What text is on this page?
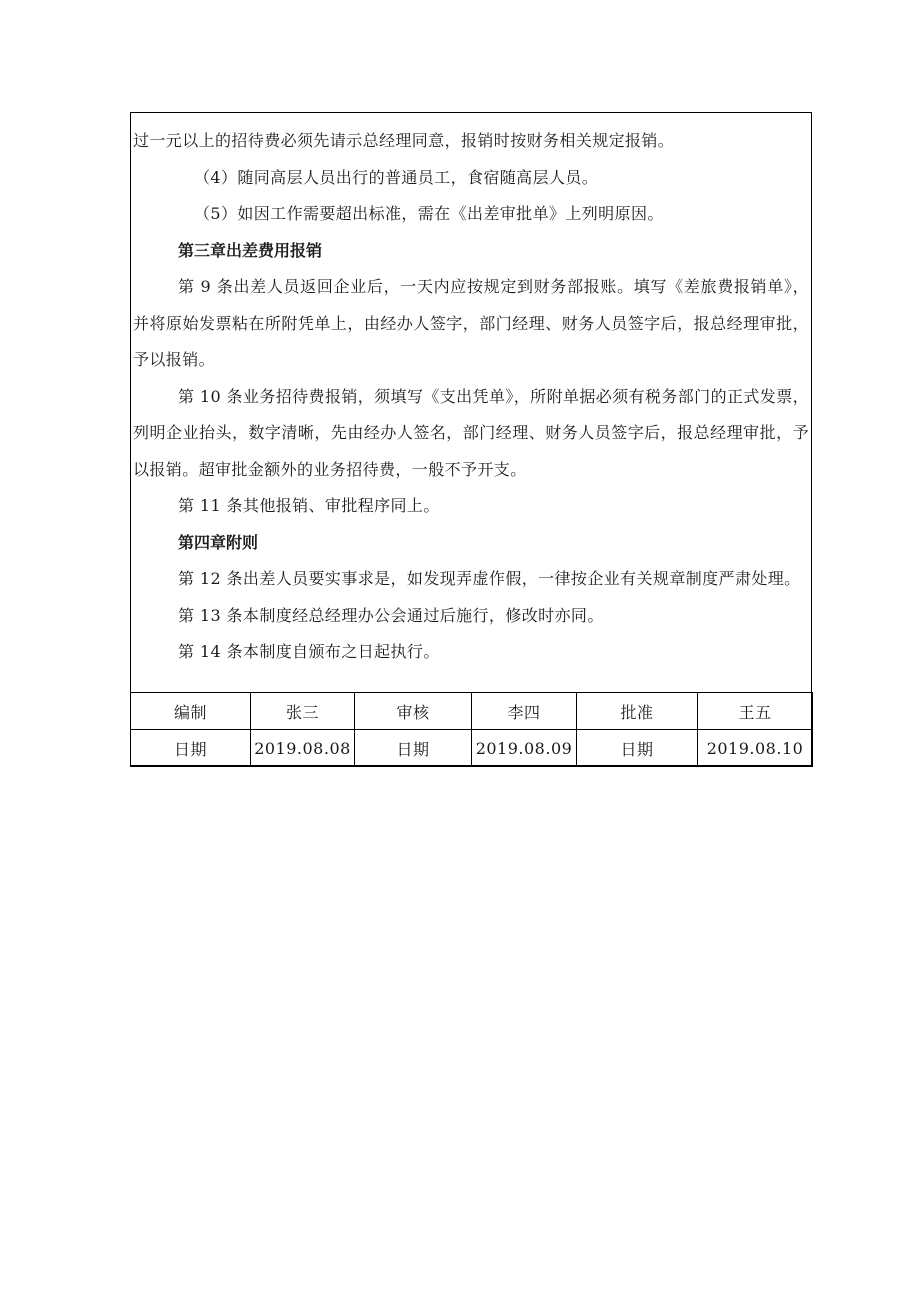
过一元以上的招待费必须先请示总经理同意，报销时按财务相关规定报销。

（4）随同高层人员出行的普通员工，食宿随高层人员。

（5）如因工作需要超出标准，需在《出差审批单》上列明原因。

第三章出差费用报销

第 9 条出差人员返回企业后，一天内应按规定到财务部报账。填写《差旅费报销单》，并将原始发票粘在所附凭单上，由经办人签字，部门经理、财务人员签字后，报总经理审批，予以报销。

第 10 条业务招待费报销，须填写《支出凭单》，所附单据必须有税务部门的正式发票，列明企业抬头，数字清晰，先由经办人签名，部门经理、财务人员签字后，报总经理审批，予以报销。超审批金额外的业务招待费，一般不予开支。

第 11 条其他报销、审批程序同上。

第四章附则

第 12 条出差人员要实事求是，如发现弄虚作假，一律按企业有关规章制度严肃处理。

第 13 条本制度经总经理办公会通过后施行，修改时亦同。

第 14 条本制度自颁布之日起执行。

编制	张三	审核	李四	批准	王五
日期	2019.08.08	日期	2019.08.09	日期	2019.08.10
